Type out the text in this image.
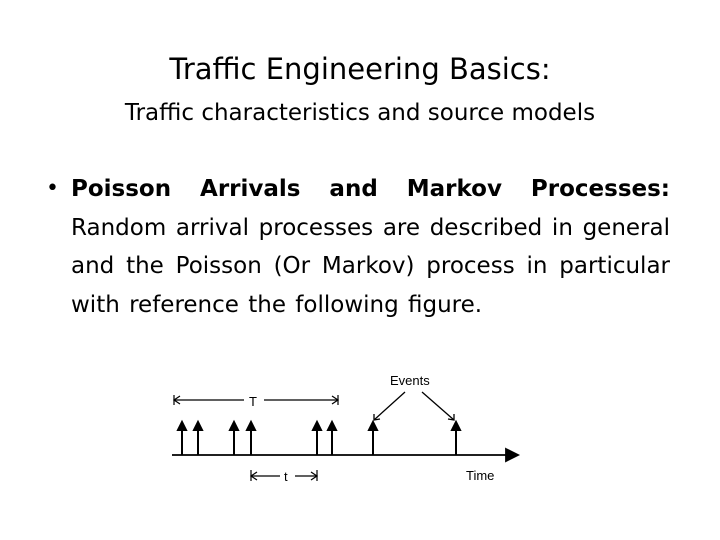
Traffic Engineering Basics:
Traffic characteristics and source models
• Poisson Arrivals and Markov Processes: Random arrival processes are described in general and the Poisson (Or Markov) process in particular with reference the following figure.
Events
T
t	Time
